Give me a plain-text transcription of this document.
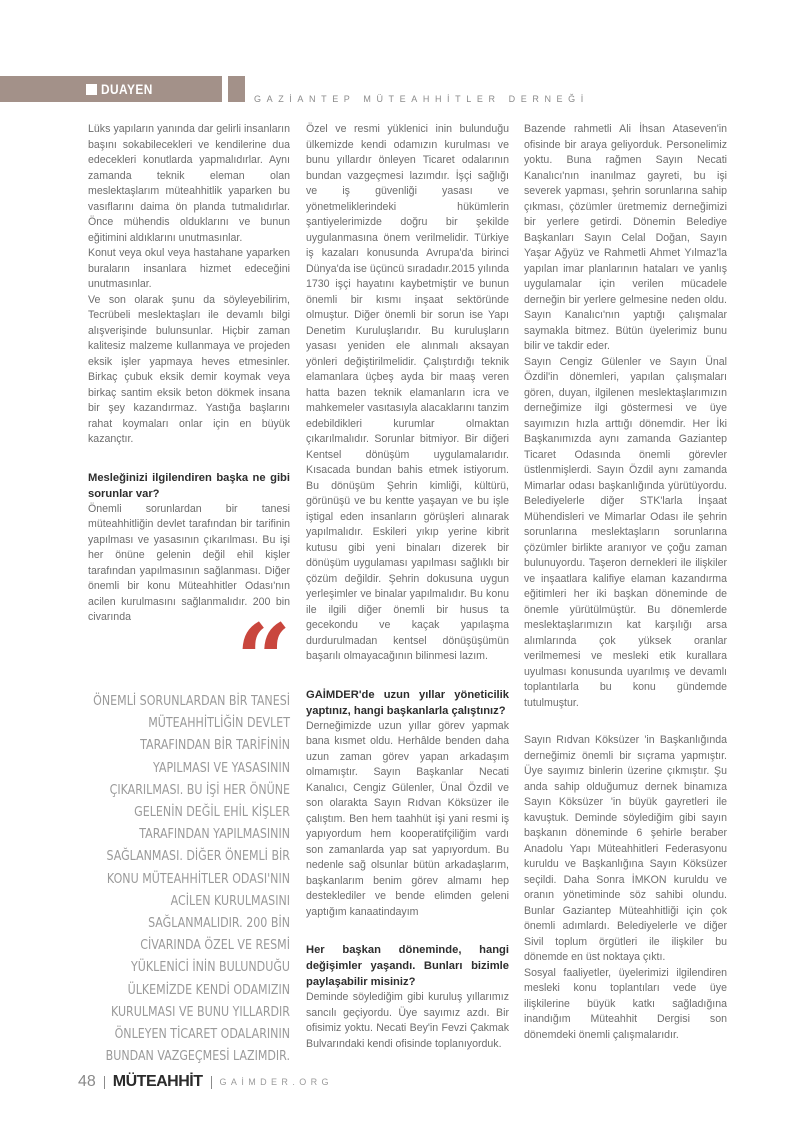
DUAYEN
GAZİANTEP MÜTEAHHİTLER DERNEĞİ

Lüks yapıların yanında dar gelirli insanların başını sokabilecekleri ve kendilerine dua edecekleri konutlarda yapmalıdırlar. Aynı zamanda teknik eleman olan meslektaşlarım müteahhitlik yaparken bu vasıflarını daima ön planda tutmalıdırlar. Önce mühendis olduklarını ve bunun eğitimini aldıklarını unutmasınlar.

Konut veya okul veya hastahane yaparken buraların insanlara hizmet edeceğini unutmasınlar.

Ve son olarak şunu da söyleyebilirim, Tecrübeli meslektaşları ile devamlı bilgi alışverişinde bulunsunlar. Hiçbir zaman kalitesiz malzeme kullanmaya ve projeden eksik işler yapmaya heves etmesinler. Birkaç çubuk eksik demir koymak veya birkaç santim eksik beton dökmek insana bir şey kazandırmaz. Yastığa başlarını rahat koymaları onlar için en büyük kazançtır.

Mesleğinizi ilgilendiren başka ne gibi sorunlar var?

Önemli sorunlardan bir tanesi müteahhitliğin devlet tarafından bir tarifinin yapılması ve yasasının çıkarılması. Bu işi her önüne gelenin değil ehil kişler tarafından yapılmasının sağlanması. Diğer önemli bir konu Müteahhitler Odası'nın acilen kurulmasını sağlanmalıdır. 200 bin civarında	“
ÖNEMLİ SORUNLARDAN BİR TANESİ MÜTEAHHİTLİĞİN DEVLET TARAFINDAN BİR TARİFİNİN YAPILMASI VE YASASININ ÇIKARILMASI. BU İŞİ HER ÖNÜNE GELENİN DEĞİL EHİL KİŞLER TARAFINDAN YAPILMASININ SAĞLANMASI. DİĞER ÖNEMLİ BİR KONU MÜTEAHHİTLER ODASI'NIN ACİLEN KURULMASINI SAĞLANMALIDIR. 200 BİN CİVARINDA ÖZEL VE RESMİ YÜKLENİCİ İNİN BULUNDUĞU ÜLKEMİZDE KENDİ ODAMIZIN KURULMASI VE BUNU YILLARDIR ÖNLEYEN TİCARET ODALARININ BUNDAN VAZGEÇMESİ LAZIMDIR.

Özel ve resmi yüklenici inin bulunduğu ülkemizde kendi odamızın kurulması ve bunu yıllardır önleyen Ticaret odalarının bundan vazgeçmesi lazımdır. İşçi sağlığı ve iş güvenliği yasası ve yönetmeliklerindeki hükümlerin şantiyelerimizde doğru bir şekilde uygulanmasına önem verilmelidir. Türkiye iş kazaları konusunda Avrupa'da birinci Dünya'da ise üçüncü sıradadır.2015 yılında 1730 işçi hayatını kaybetmiştir ve bunun önemli bir kısmı inşaat sektöründe olmuştur. Diğer önemli bir sorun ise Yapı Denetim Kuruluşlarıdır. Bu kuruluşların yasası yeniden ele alınmalı aksayan yönleri değiştirilmelidir. Çalıştırdığı teknik elamanlara üçbeş ayda bir maaş veren hatta bazen teknik elamanların icra ve mahkemeler vasıtasıyla alacaklarını tanzim edebildikleri kurumlar olmaktan çıkarılmalıdır. Sorunlar bitmiyor. Bir diğeri Kentsel dönüşüm uygulamalarıdır. Kısacada bundan bahis etmek istiyorum. Bu dönüşüm Şehrin kimliği, kültürü, görünüşü ve bu kentte yaşayan ve bu işle iştigal eden insanların görüşleri alınarak yapılmalıdır. Eskileri yıkıp yerine kibrit kutusu gibi yeni binaları dizerek bir dönüşüm uygulaması yapılması sağlıklı bir çözüm değildir. Şehrin dokusuna uygun yerleşimler ve binalar yapılmalıdır. Bu konu ile ilgili diğer önemli bir husus ta gecekondu ve kaçak yapılaşma durdurulmadan kentsel dönüşüşümün başarılı olmayacağının bilinmesi lazım.

GAİMDER'de uzun yıllar yöneticilik yaptınız, hangi başkanlarla çalıştınız?

Derneğimizde uzun yıllar görev yapmak bana kısmet oldu. Herhâlde benden daha uzun zaman görev yapan arkadaşım olmamıştır. Sayın Başkanlar Necati Kanalıcı, Cengiz Gülenler, Ünal Özdil ve son olarakta Sayın Rıdvan Köksüzer ile çalıştım. Ben hem taahhüt işi yani resmi iş yapıyordum hem kooperatifçiliğim vardı son zamanlarda yap sat yapıyordum. Bu nedenle sağ olsunlar bütün arkadaşlarım, başkanlarım benim görev almamı hep desteklediler ve bende elimden geleni yaptığım kanaatindayım

Her başkan döneminde, hangi değişimler yaşandı. Bunları bizimle paylaşabilir misiniz?

Deminde söylediğim gibi kuruluş yıllarımız sancılı geçiyordu. Üye sayımız azdı. Bir ofisimiz yoktu. Necati Bey'in Fevzi Çakmak Bulvarındaki kendi ofisinde toplanıyorduk.

Bazende rahmetli Ali İhsan Ataseven'in ofisinde bir araya geliyorduk. Personelimiz yoktu. Buna rağmen Sayın Necati Kanalıcı'nın inanılmaz gayreti, bu işi severek yapması, şehrin sorunlarına sahip çıkması, çözümler üretmemiz derneğimizi bir yerlere getirdi. Dönemin Belediye Başkanları Sayın Celal Doğan, Sayın Yaşar Ağyüz ve Rahmetli Ahmet Yılmaz'la yapılan imar planlarının hataları ve yanlış uygulamalar için verilen mücadele derneğin bir yerlere gelmesine neden oldu. Sayın Kanalıcı'nın yaptığı çalışmalar saymakla bitmez. Bütün üyelerimiz bunu bilir ve takdir eder.

Sayın Cengiz Gülenler ve Sayın Ünal Özdil'in dönemleri, yapılan çalışmaları gören, duyan, ilgilenen meslektaşlarımızın derneğimize ilgi göstermesi ve üye sayımızın hızla arttığı dönemdir. Her İki Başkanımızda aynı zamanda Gaziantep Ticaret Odasında önemli görevler üstlenmişlerdi. Sayın Özdil aynı zamanda Mimarlar odası başkanlığında yürütüyordu. Belediyelerle diğer STK'larla İnşaat Mühendisleri ve Mimarlar Odası ile şehrin sorunlarına meslektaşların sorunlarına çözümler birlikte aranıyor ve çoğu zaman bulunuyordu. Taşeron dernekleri ile ilişkiler ve inşaatlara kalifiye elaman kazandırma eğitimleri her iki başkan döneminde de önemle yürütülmüştür. Bu dönemlerde meslektaşlarımızın kat karşılığı arsa alımlarında çok yüksek oranlar verilmemesi ve mesleki etik kurallara uyulması konusunda uyarılmış ve devamlı toplantılarla bu konu gündemde tutulmuştur.

Sayın Rıdvan Köksüzer 'in Başkanlığında derneğimiz önemli bir sıçrama yapmıştır. Üye sayımız binlerin üzerine çıkmıştır. Şu anda sahip olduğumuz dernek binamıza Sayın Köksüzer 'in büyük gayretleri ile kavuştuk. Deminde söylediğim gibi sayın başkanın döneminde 6 şehirle beraber Anadolu Yapı Müteahhitleri Federasyonu kuruldu ve Başkanlığına Sayın Köksüzer seçildi. Daha Sonra İMKON kuruldu ve oranın yönetiminde söz sahibi olundu. Bunlar Gaziantep Müteahhitliği için çok önemli adımlardı. Belediyelerle ve diğer Sivil toplum örgütleri ile ilişkiler bu dönemde en üst noktaya çıktı.

Sosyal faaliyetler, üyelerimizi ilgilendiren mesleki konu toplantıları vede üye ilişkilerine büyük katkı sağladığına inandığım Müteahhit Dergisi son dönemdeki önemli çalışmalarıdır.

48 MÜTEAHHİT GAİMDER.ORG
